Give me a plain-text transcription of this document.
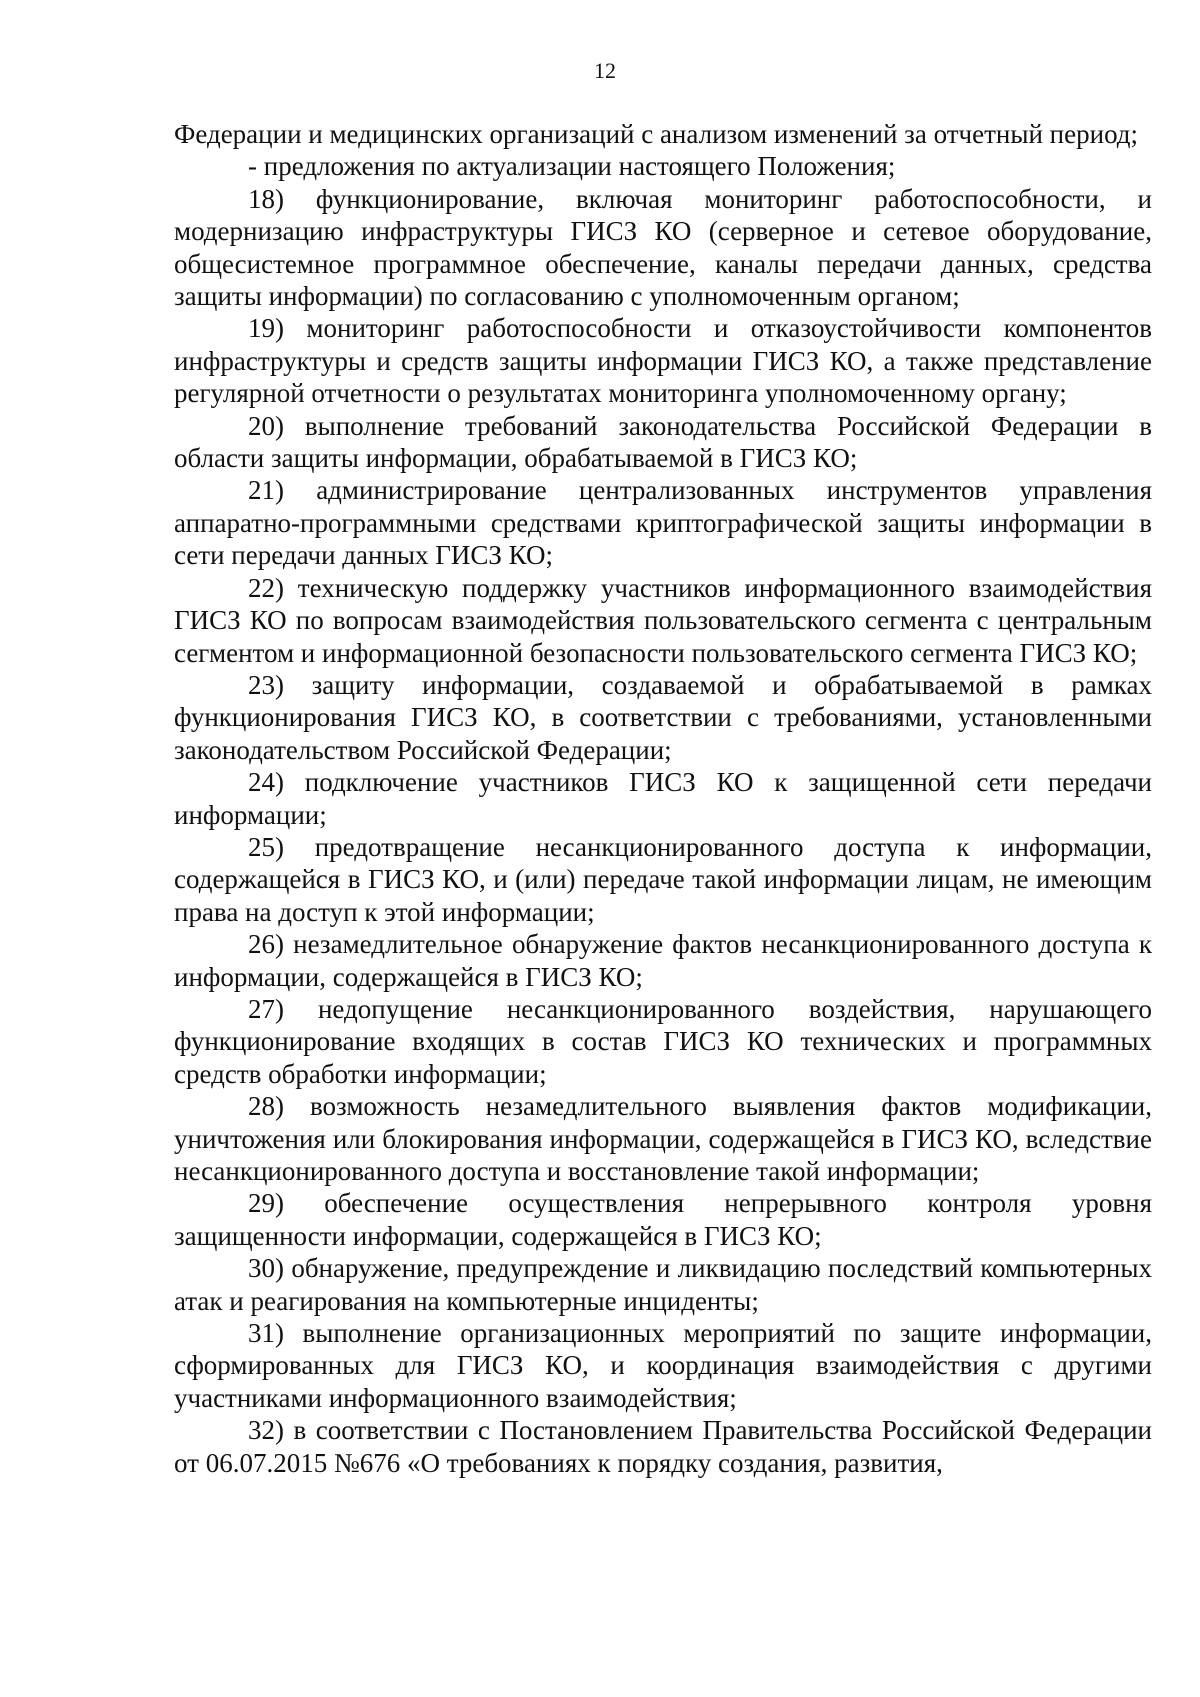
12

Федерации и медицинских организаций с анализом изменений за отчетный период;

- предложения по актуализации настоящего Положения;

18) функционирование, включая мониторинг работоспособности, и модернизацию инфраструктуры ГИСЗ КО (серверное и сетевое оборудование, общесистемное программное обеспечение, каналы передачи данных, средства защиты информации) по согласованию с уполномоченным органом;

19) мониторинг работоспособности и отказоустойчивости компонентов инфраструктуры и средств защиты информации ГИСЗ КО, а также представление регулярной отчетности о результатах мониторинга уполномоченному органу;

20) выполнение требований законодательства Российской Федерации в области защиты информации, обрабатываемой в ГИСЗ КО;

21) администрирование централизованных инструментов управления аппаратно-программными средствами криптографической защиты информации в сети передачи данных ГИСЗ КО;

22) техническую поддержку участников информационного взаимодействия ГИСЗ КО по вопросам взаимодействия пользовательского сегмента с центральным сегментом и информационной безопасности пользовательского сегмента ГИСЗ КО;

23) защиту информации, создаваемой и обрабатываемой в рамках функционирования ГИСЗ КО, в соответствии с требованиями, установленными законодательством Российской Федерации;

24) подключение участников ГИСЗ КО к защищенной сети передачи информации;

25) предотвращение несанкционированного доступа к информации, содержащейся в ГИСЗ КО, и (или) передаче такой информации лицам, не имеющим права на доступ к этой информации;

26) незамедлительное обнаружение фактов несанкционированного доступа к информации, содержащейся в ГИСЗ КО;

27) недопущение несанкционированного воздействия, нарушающего функционирование входящих в состав ГИСЗ КО технических и программных средств обработки информации;

28) возможность незамедлительного выявления фактов модификации, уничтожения или блокирования информации, содержащейся в ГИСЗ КО, вследствие несанкционированного доступа и восстановление такой информации;

29) обеспечение осуществления непрерывного контроля уровня защищенности информации, содержащейся в ГИСЗ КО;

30) обнаружение, предупреждение и ликвидацию последствий компьютерных атак и реагирования на компьютерные инциденты;

31) выполнение организационных мероприятий по защите информации, сформированных для ГИСЗ КО, и координация взаимодействия с другими участниками информационного взаимодействия;

32) в соответствии с Постановлением Правительства Российской Федерации от 06.07.2015 №676 «О требованиях к порядку создания, развития,
